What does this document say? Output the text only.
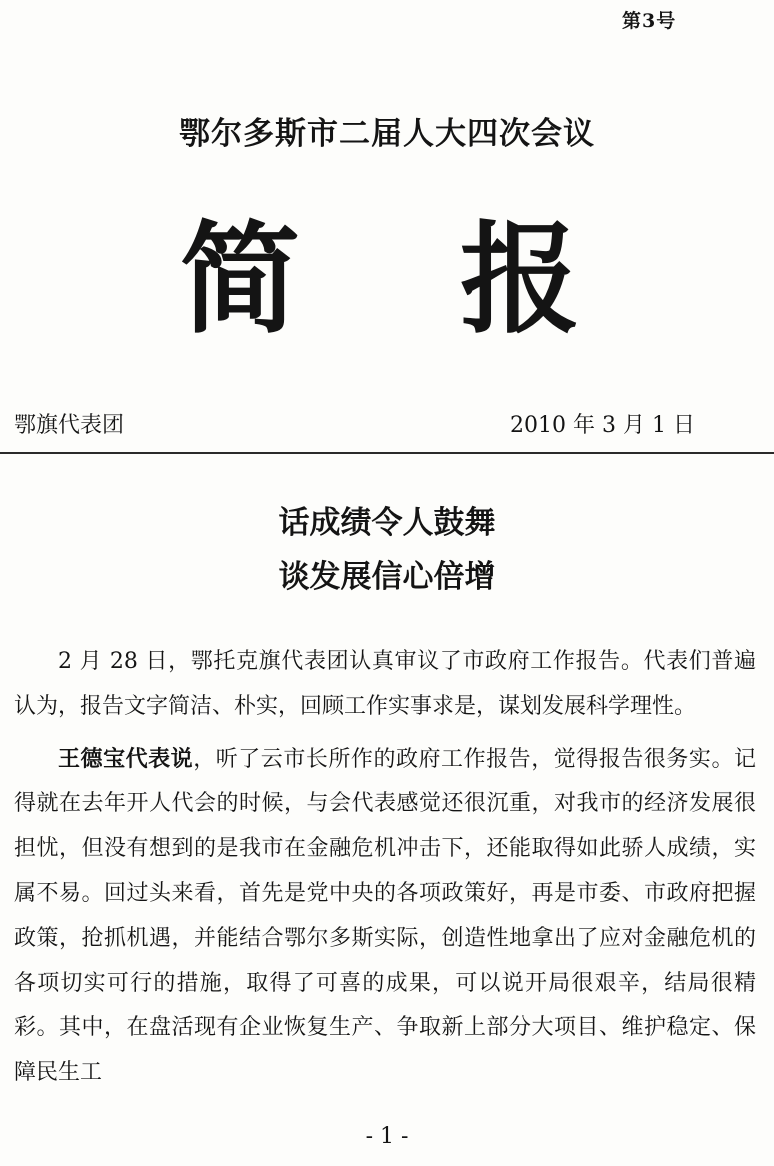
第3号
鄂尔多斯市二届人大四次会议
简 报
鄂旗代表团	2010 年 3 月 1 日
话成绩令人鼓舞
谈发展信心倍增

2 月 28 日，鄂托克旗代表团认真审议了市政府工作报告。代表们普遍认为，报告文字简洁、朴实，回顾工作实事求是，谋划发展科学理性。

王德宝代表说，听了云市长所作的政府工作报告，觉得报告很务实。记得就在去年开人代会的时候，与会代表感觉还很沉重，对我市的经济发展很担忧，但没有想到的是我市在金融危机冲击下，还能取得如此骄人成绩，实属不易。回过头来看，首先是党中央的各项政策好，再是市委、市政府把握政策，抢抓机遇，并能结合鄂尔多斯实际，创造性地拿出了应对金融危机的各项切实可行的措施，取得了可喜的成果，可以说开局很艰辛，结局很精彩。其中，在盘活现有企业恢复生产、争取新上部分大项目、维护稳定、保障民生工

- 1 -
